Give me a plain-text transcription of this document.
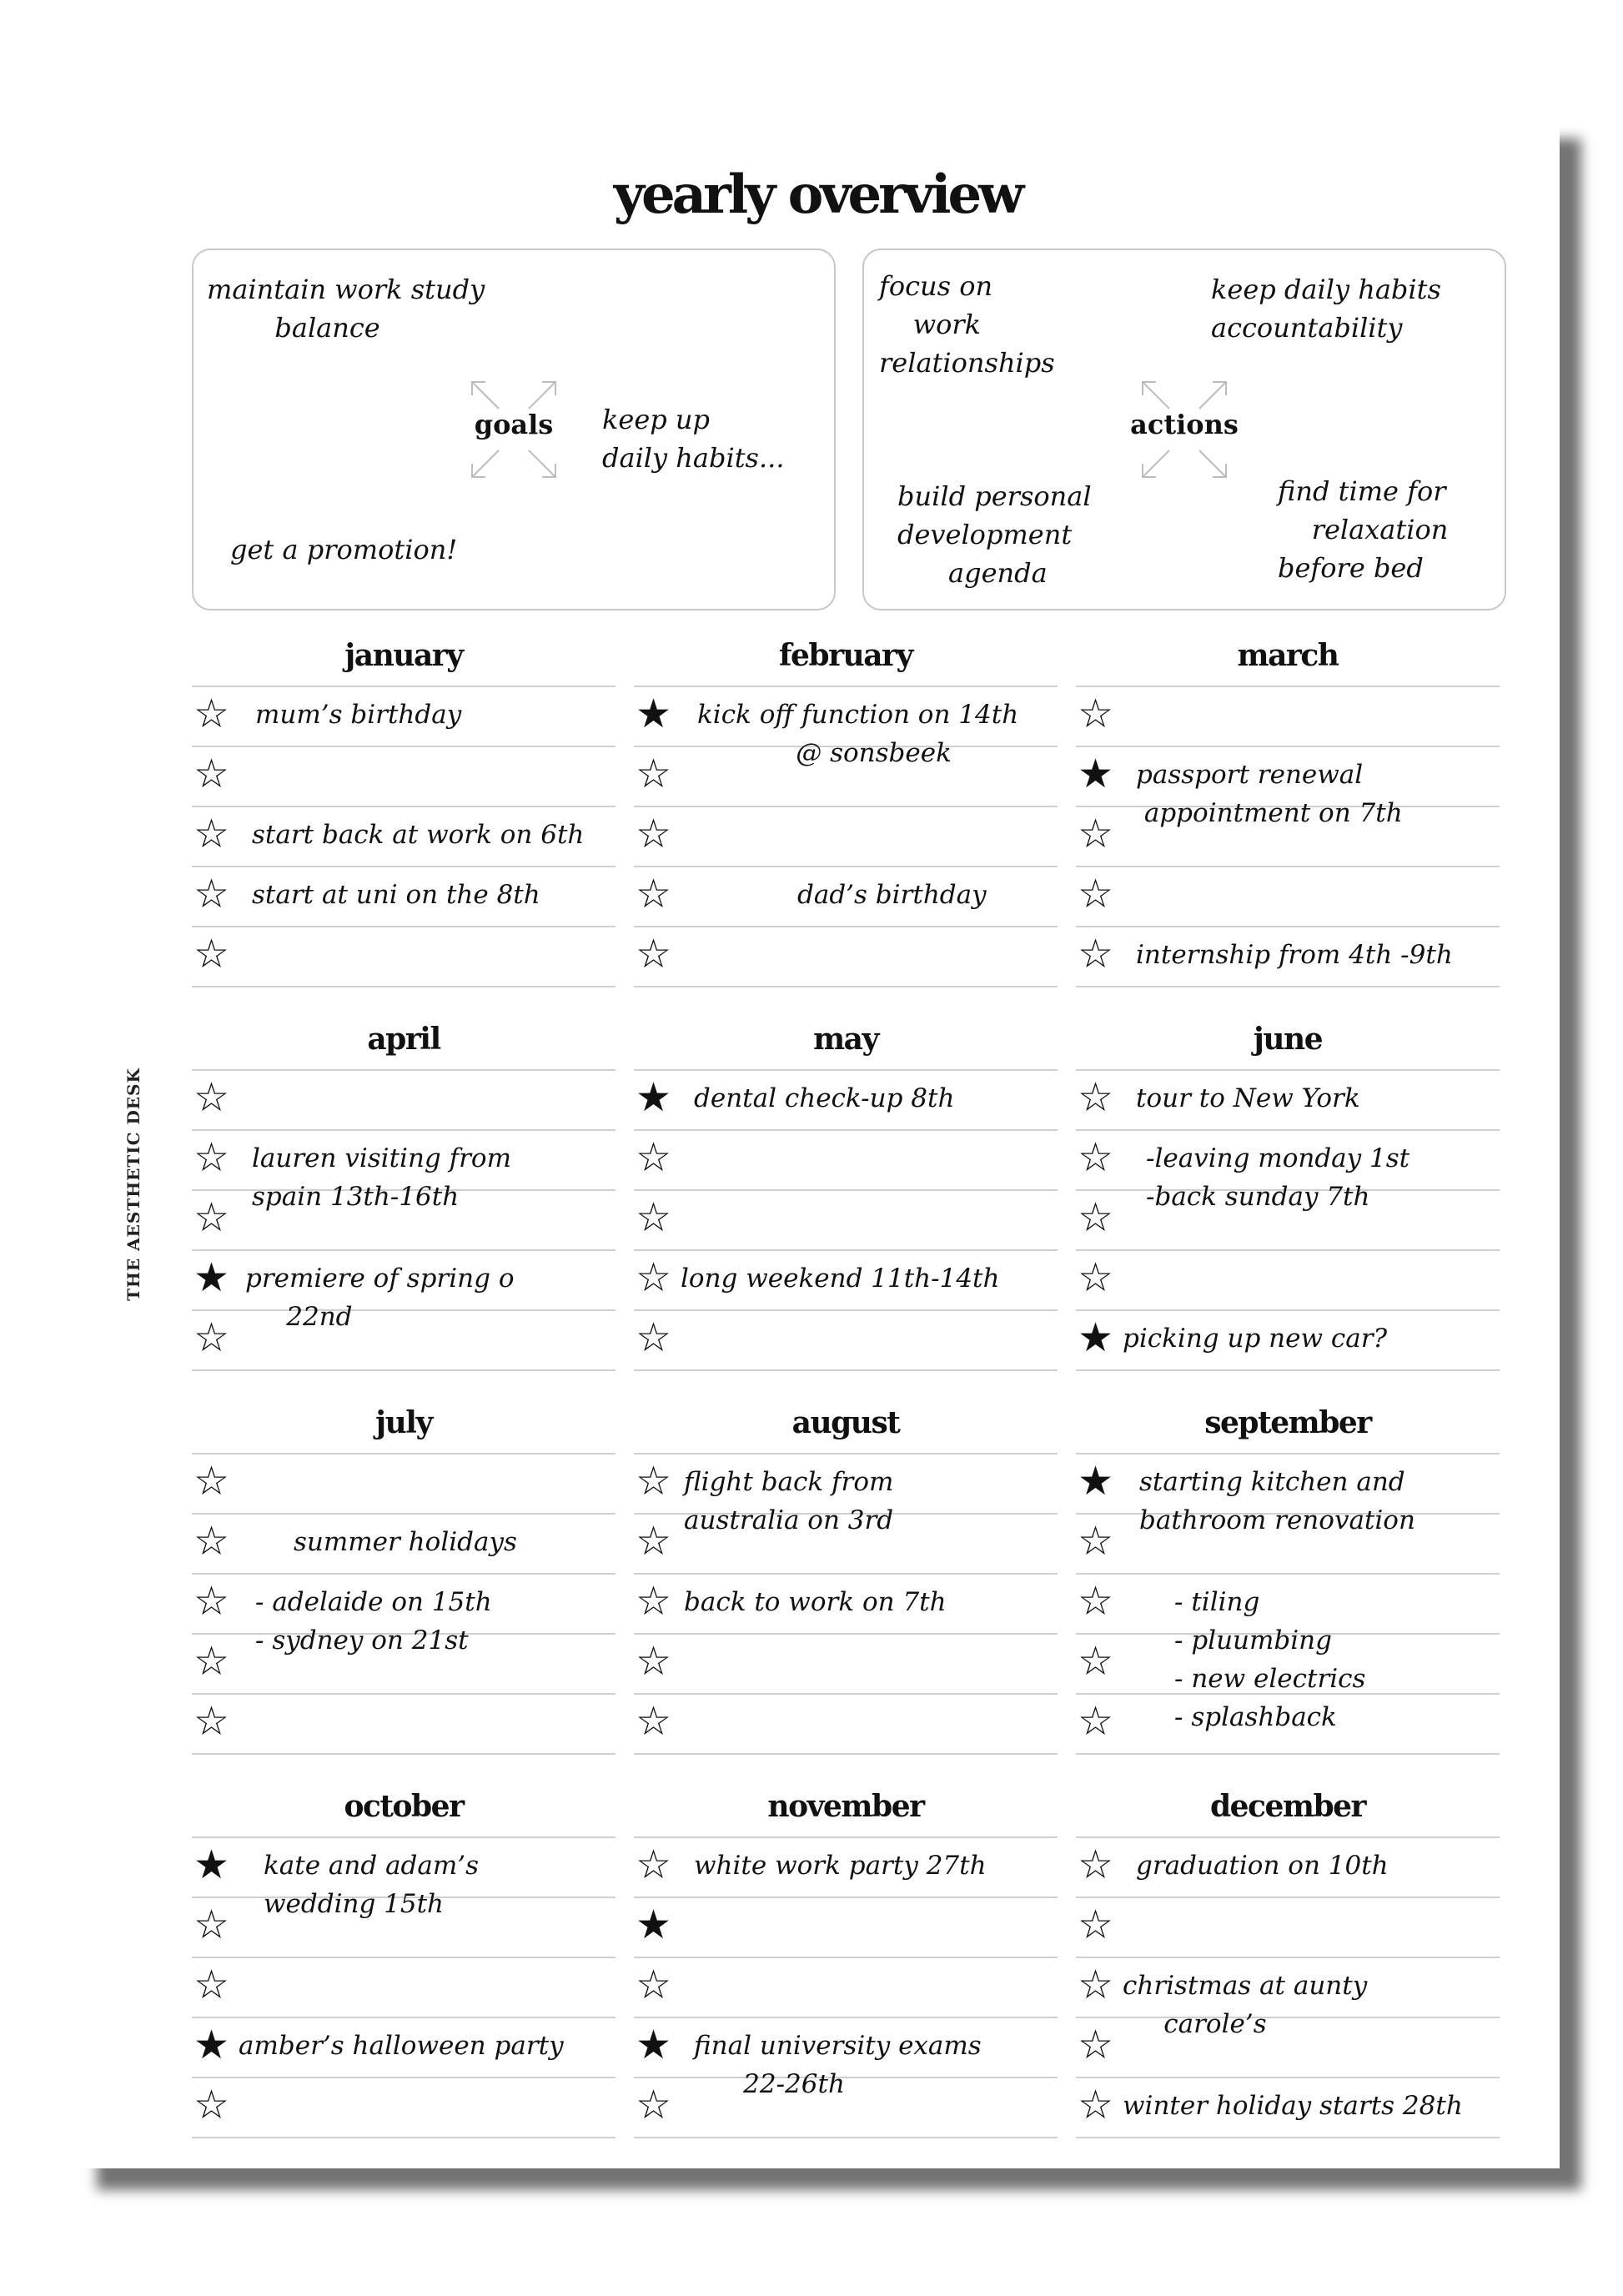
yearly overview
goals
maintain work study
balance
keep up
daily habits...
get a promotion!
actions
focus on
work
relationships
keep daily habits
accountability
build personal
development
agenda
find time for
relaxation
before bed
THE AESTHETIC DESK
january
☆
☆
☆
☆
☆
mum’s birthday
start back at work on 6th
start at uni on the 8th
february
★
☆
☆
☆
☆
kick off function on 14th
@ sonsbeek
dad’s birthday
march
☆
★
☆
☆
☆
passport renewal
appointment on 7th
internship from 4th -9th
april
☆
☆
☆
★
☆
lauren visiting from
spain 13th-16th
premiere of spring o
22nd
may
★
☆
☆
☆
☆
dental check-up 8th
long weekend 11th-14th
june
☆
☆
☆
☆
★
tour to New York
-leaving monday 1st
-back sunday 7th
picking up new car?
july
☆
☆
☆
☆
☆
summer holidays
- adelaide on 15th
- sydney on 21st
august
☆
☆
☆
☆
☆
flight back from
australia on 3rd
back to work on 7th
september
★
☆
☆
☆
☆
starting kitchen and
bathroom renovation
- tiling
- pluumbing
- new electrics
- splashback
october
★
☆
☆
★
☆
kate and adam’s
wedding 15th
amber’s halloween party
november
☆
★
☆
★
☆
white work party 27th
final university exams
22-26th
december
☆
☆
☆
☆
☆
graduation on 10th
christmas at aunty
carole’s
winter holiday starts 28th
